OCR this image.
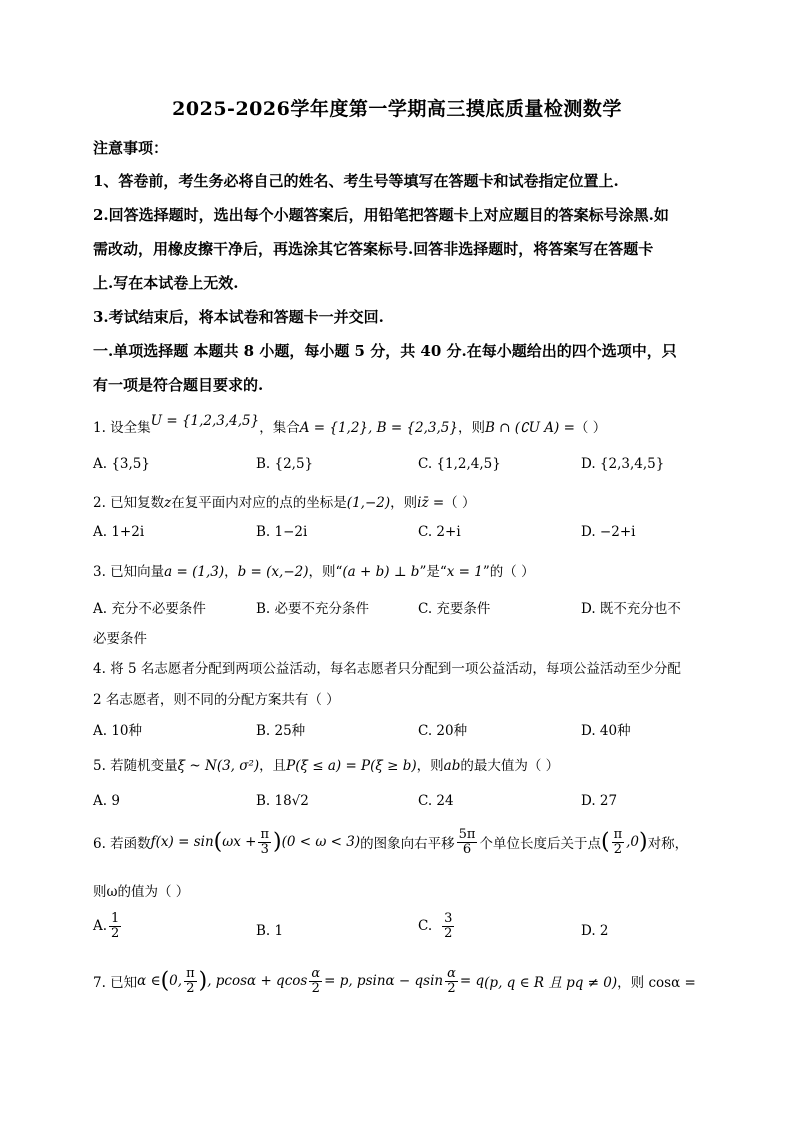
2025-2026学年度第一学期高三摸底质量检测数学
注意事项：
1、答卷前，考生务必将自己的姓名、考生号等填写在答题卡和试卷指定位置上.
2.回答选择题时，选出每个小题答案后，用铅笔把答题卡上对应题目的答案标号涂黑.如
需改动，用橡皮擦干净后，再选涂其它答案标号.回答非选择题时，将答案写在答题卡
上.写在本试卷上无效.
3.考试结束后，将本试卷和答题卡一并交回.
一.单项选择题 本题共 8 小题，每小题 5 分，共 40 分.在每小题给出的四个选项中，只
有一项是符合题目要求的.
1. 设全集U = {1,2,3,4,5}，集合A = {1,2}, B = {2,3,5}，则B ∩ (∁U A) =（ ）
A. {3,5}	B. {2,5}	C. {1,2,4,5}	D. {2,3,4,5}
2. 已知复数z在复平面内对应的点的坐标是(1,−2)，则iz̄ =（ ）
A. 1+2i	B. 1−2i	C. 2+i	D. −2+i
3. 已知向量a = (1,3)，b = (x,−2)，则“(a + b) ⊥ b”是“x = 1”的（ ）
A. 充分不必要条件	B. 必要不充分条件	C. 充要条件	D. 既不充分也不
必要条件
4. 将 5 名志愿者分配到两项公益活动，每名志愿者只分配到一项公益活动，每项公益活动至少分配
2 名志愿者，则不同的分配方案共有（ ）
A. 10种	B. 25种	C. 20种	D. 40种
5. 若随机变量ξ ~ N(3, σ²)，且P(ξ ≤ a) = P(ξ ≥ b)，则ab的最大值为（ ）
A. 9	B. 18√2	C. 24	D. 27
6. 若函数$f(x) = \sin(\omega x + \frac{\pi}{3} )(0 < \omega < 3)$的图象向右平移 $\frac{5\pi}{6}$ 个单位长度后关于点( $\frac{\pi}{2} ,0$)对称，
则ω的值为（ ）
A. $\frac{1}{2}$	B. 1	C. $\frac{3}{2}$	D. 2
7. 已知α ∈(0, $\frac{\pi}{2}$ ), pcosα + qcos $\frac{\alpha}{2} = p$, psinα − qsin $\frac{\alpha}{2} = q(p$, q ∈ R 且 pq ≠ 0)，则 cosα =
